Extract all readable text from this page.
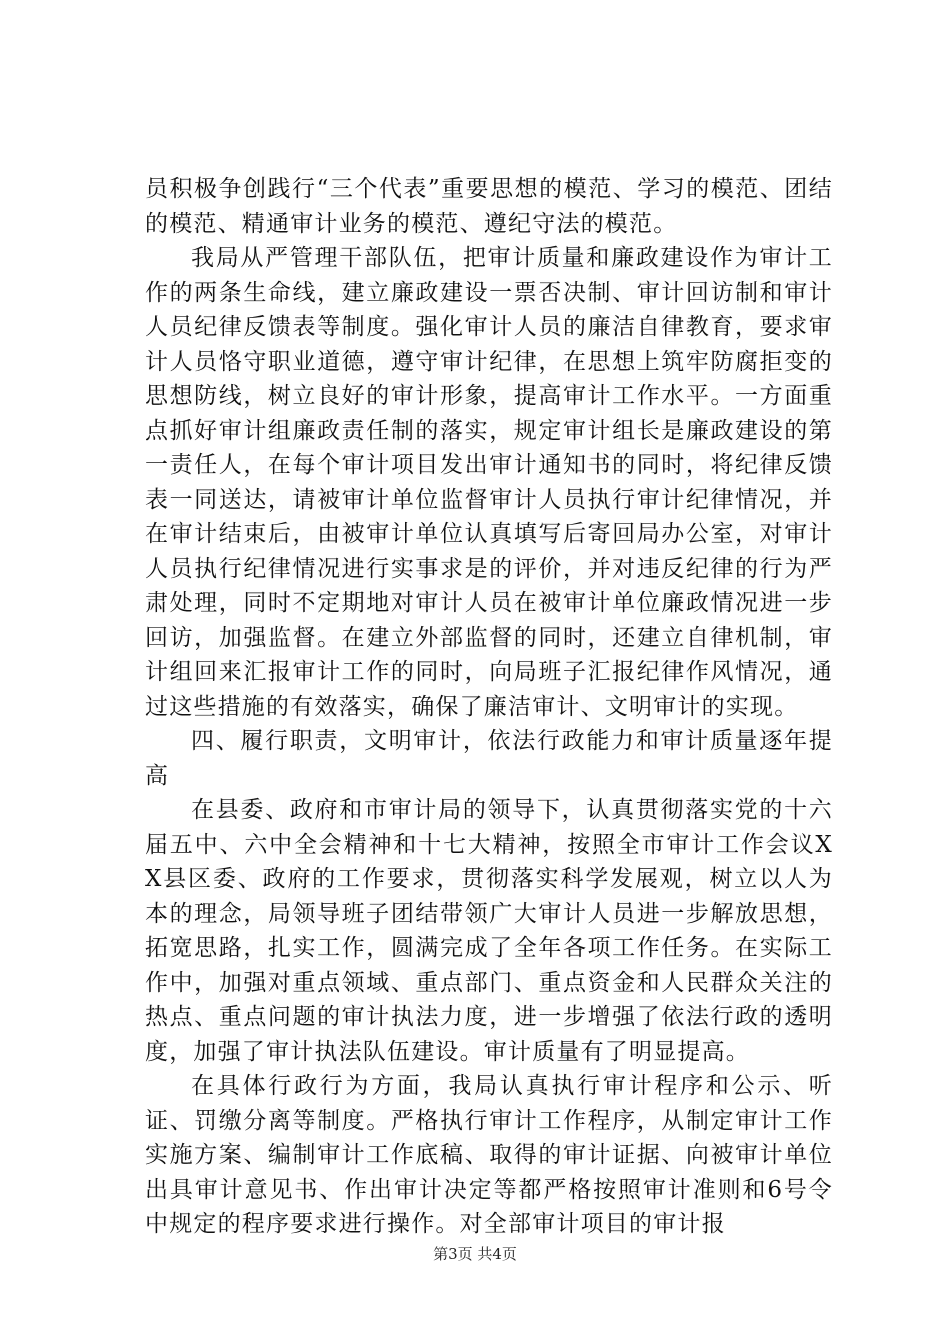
员积极争创践行“三个代表”重要思想的模范、学习的模范、团结的模范、精通审计业务的模范、遵纪守法的模范。

我局从严管理干部队伍，把审计质量和廉政建设作为审计工作的两条生命线，建立廉政建设一票否决制、审计回访制和审计人员纪律反馈表等制度。强化审计人员的廉洁自律教育，要求审计人员恪守职业道德，遵守审计纪律，在思想上筑牢防腐拒变的思想防线，树立良好的审计形象，提高审计工作水平。一方面重点抓好审计组廉政责任制的落实，规定审计组长是廉政建设的第一责任人，在每个审计项目发出审计通知书的同时，将纪律反馈表一同送达，请被审计单位监督审计人员执行审计纪律情况，并在审计结束后，由被审计单位认真填写后寄回局办公室，对审计人员执行纪律情况进行实事求是的评价，并对违反纪律的行为严肃处理，同时不定期地对审计人员在被审计单位廉政情况进一步回访，加强监督。在建立外部监督的同时，还建立自律机制，审计组回来汇报审计工作的同时，向局班子汇报纪律作风情况，通过这些措施的有效落实，确保了廉洁审计、文明审计的实现。

四、履行职责，文明审计，依法行政能力和审计质量逐年提高

在县委、政府和市审计局的领导下，认真贯彻落实党的十六届五中、六中全会精神和十七大精神，按照全市审计工作会议XX县区委、政府的工作要求，贯彻落实科学发展观，树立以人为本的理念，局领导班子团结带领广大审计人员进一步解放思想，拓宽思路，扎实工作，圆满完成了全年各项工作任务。在实际工作中，加强对重点领域、重点部门、重点资金和人民群众关注的热点、重点问题的审计执法力度，进一步增强了依法行政的透明度，加强了审计执法队伍建设。审计质量有了明显提高。

在具体行政行为方面，我局认真执行审计程序和公示、听证、罚缴分离等制度。严格执行审计工作程序，从制定审计工作实施方案、编制审计工作底稿、取得的审计证据、向被审计单位出具审计意见书、作出审计决定等都严格按照审计准则和6号令中规定的程序要求进行操作。对全部审计项目的审计报

第3页 共4页
